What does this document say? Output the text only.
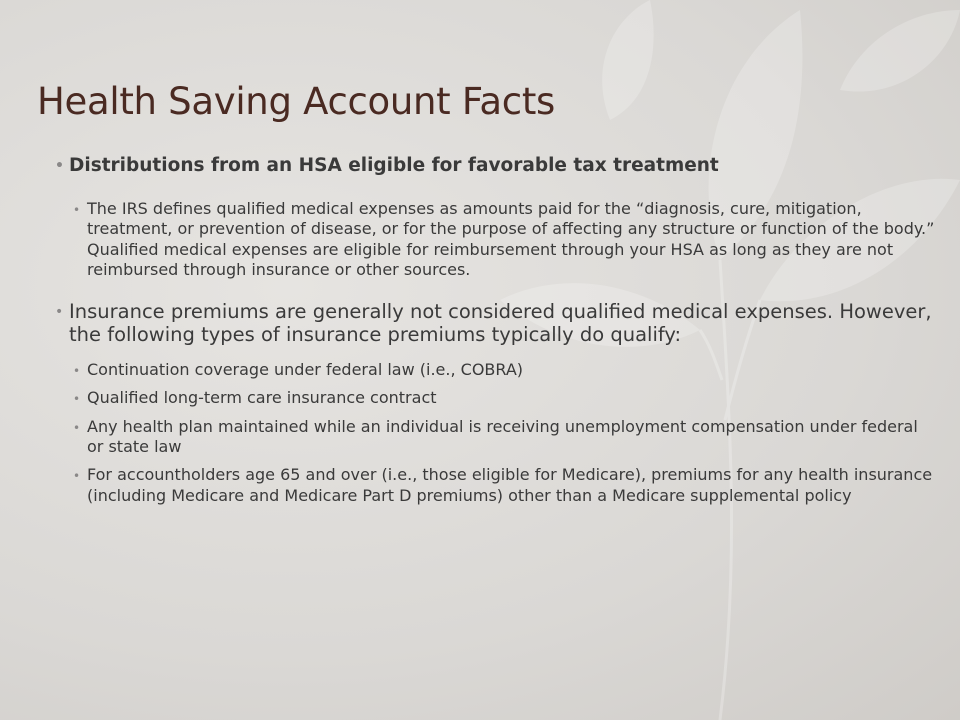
Health Saving Account Facts
• Distributions from an HSA eligible for favorable tax treatment
• The IRS defines qualified medical expenses as amounts paid for the “diagnosis, cure, mitigation, treatment, or prevention of disease, or for the purpose of affecting any structure or function of the body.” Qualified medical expenses are eligible for reimbursement through your HSA as long as they are not reimbursed through insurance or other sources.
• Insurance premiums are generally not considered qualified medical expenses. However, the following types of insurance premiums typically do qualify:
• Continuation coverage under federal law (i.e., COBRA)
• Qualified long-term care insurance contract
• Any health plan maintained while an individual is receiving unemployment compensation under federal or state law
• For accountholders age 65 and over (i.e., those eligible for Medicare), premiums for any health insurance (including Medicare and Medicare Part D premiums) other than a Medicare supplemental policy
